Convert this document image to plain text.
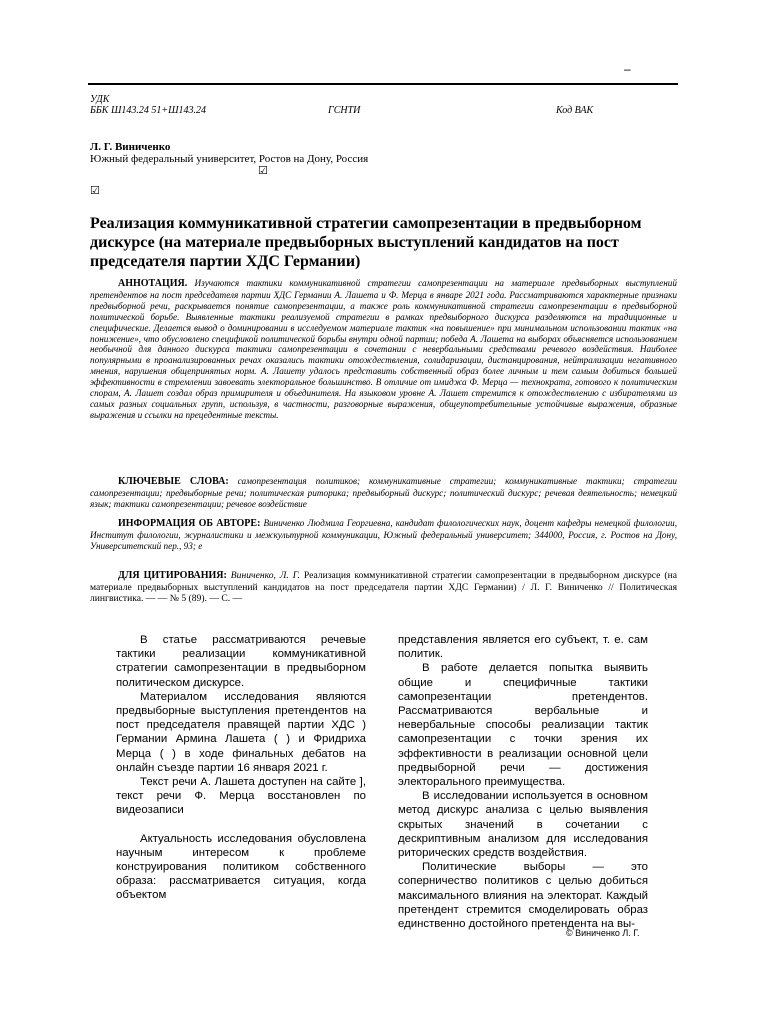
–
УДК
ББК Ш143.24 51+Ш143.24	ГСНТИ	Код ВАК
Л. Г. Виниченко
Южный федеральный университет, Ростов на Дону, Россия
☑
☑
Реализация коммуникативной стратегии самопрезентации в предвыборном дискурсе (на материале предвыборных выступлений кандидатов на пост председателя партии ХДС Германии)
АННОТАЦИЯ. Изучаются тактики коммуникативной стратегии самопрезентации на материале предвыборных выступлений претендентов на пост председателя партии ХДС Германии А. Лашета и Ф. Мерца в январе 2021 года. Рассматриваются характерные признаки предвыборной речи, раскрывается понятие самопрезентации, а также роль коммуникативной стратегии самопрезентации в предвыборной политической борьбе. Выявленные тактики реализуемой стратегии в рамках предвыборного дискурса разделяются на традиционные и специфические. Делается вывод о доминировании в исследуемом материале тактик «на повышение» при минимальном использовании тактик «на понижение», что обусловлено спецификой политической борьбы внутри одной партии; победа А. Лашета на выборах объясняется использованием необычной для данного дискурса тактики самопрезентации в сочетании с невербальными средствами речевого воздействия. Наиболее популярными в проанализированных речах оказались тактики отождествления, солидаризации, дистанцирования, нейтрализации негативного мнения, нарушения общепринятых норм. А. Лашету удалось представить собственный образ более личным и тем самым добиться большей эффективности в стремлении завоевать электоральное большинство. В отличие от имиджа Ф. Мерца — технократа, готового к политическим спорам, А. Лашет создал образ примирителя и объединителя. На языковом уровне А. Лашет стремится к отождествлению с избирателями из самых разных социальных групп, используя, в частности, разговорные выражения, общеупотребительные устойчивые выражения, образные выражения и ссылки на прецедентные тексты.
КЛЮЧЕВЫЕ СЛОВА: самопрезентация политиков; коммуникативные стратегии; коммуникативные тактики; стратегии самопрезентации; предвыборные речи; политическая риторика; предвыборный дискурс; политический дискурс; речевая деятельность; немецкий язык; тактики самопрезентации; речевое воздействие
ИНФОРМАЦИЯ ОБ АВТОРЕ: Виниченко Людмила Георгиевна, кандидат филологических наук, доцент кафедры немецкой филологии, Институт филологии, журналистики и межкультурной коммуникации, Южный федеральный университет; 344000, Россия, г. Ростов на Дону, Университетский пер., 93; e
ДЛЯ ЦИТИРОВАНИЯ: Виниченко, Л. Г. Реализация коммуникативной стратегии самопрезентации в предвыборном дискурсе (на материале предвыборных выступлений кандидатов на пост председателя партии ХДС Германии) / Л. Г. Виниченко // Политическая лингвистика. — — № 5 (89). — С. —

В статье рассматриваются речевые тактики реализации коммуникативной стратегии самопрезентации в предвыборном политическом дискурсе.

Материалом исследования являются предвыборные выступления претендентов на пост председателя правящей партии ХДС ) Германии Армина Лашета ( ) и Фридриха Мерца ( ) в ходе финальных дебатов на онлайн съезде партии 16 января 2021 г.

Текст речи А. Лашета доступен на сайте ], текст речи Ф. Мерца восстановлен по видеозаписи

Актуальность исследования обусловлена научным интересом к проблеме конструирования политиком собственного образа: рассматривается ситуация, когда объектом

представления является его субъект, т. е. сам политик.

В работе делается попытка выявить общие и специфичные тактики самопрезентации претендентов. Рассматриваются вербальные и невербальные способы реализации тактик самопрезентации с точки зрения их эффективности в реализации основной цели предвыборной речи — достижения электорального преимущества.

В исследовании используется в основном метод дискурс анализа с целью выявления скрытых значений в сочетании с дескриптивным анализом для исследования риторических средств воздействия.

Политические выборы — это соперничество политиков с целью добиться максимального влияния на электорат. Каждый претендент стремится смоделировать образ единственно достойного претендента на вы-

© Виниченко Л. Г.
